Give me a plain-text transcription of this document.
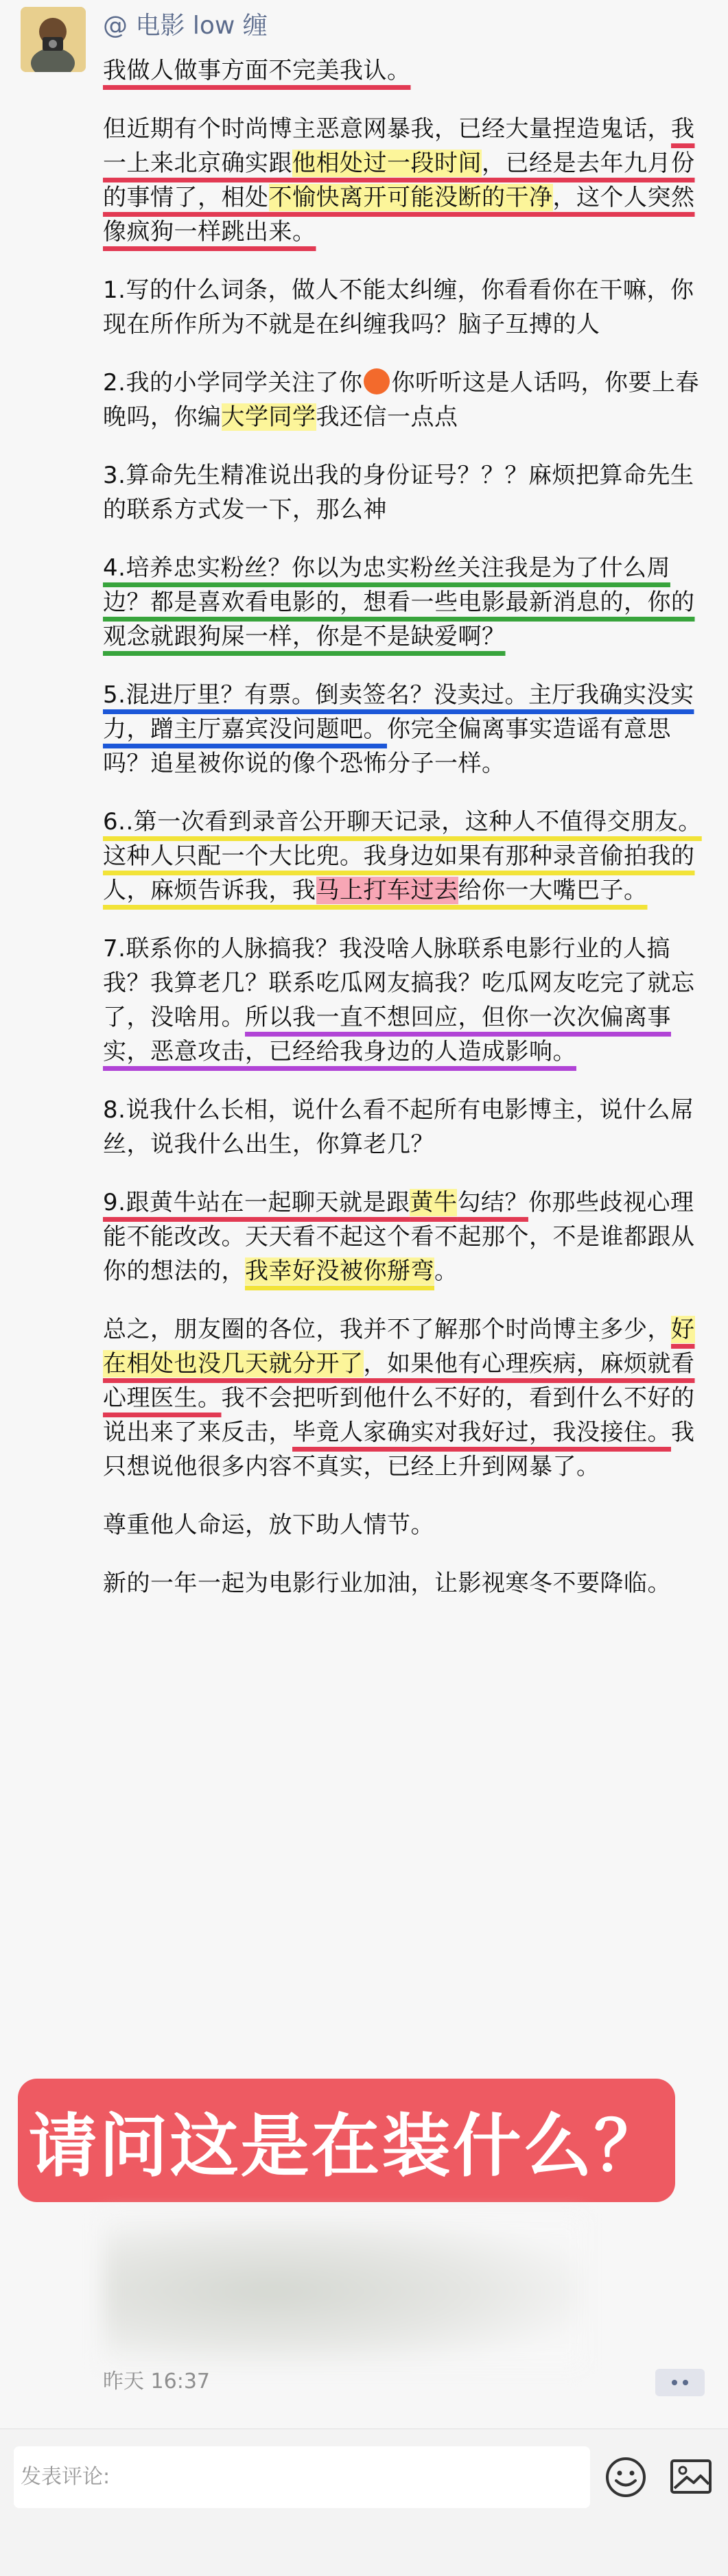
@ 电影 low 缠

我做人做事方面不完美我认。

但近期有个时尚博主恶意网暴我，已经大量捏造鬼话，我一上来北京确实跟他相处过一段时间，已经是去年九月份的事情了，相处不愉快离开可能没断的干净，这个人突然像疯狗一样跳出来。

1.写的什么词条，做人不能太纠缠，你看看你在干嘛，你现在所作所为不就是在纠缠我吗？脑子互搏的人

2.我的小学同学关注了你 你听听这是人话吗，你要上春晚吗，你编大学同学我还信一点点

3.算命先生精准说出我的身份证号？？？麻烦把算命先生的联系方式发一下，那么神

4.培养忠实粉丝？你以为忠实粉丝关注我是为了什么周边？都是喜欢看电影的，想看一些电影最新消息的，你的观念就跟狗屎一样，你是不是缺爱啊？

5.混进厅里？有票。倒卖签名？没卖过。主厅我确实没实力，蹭主厅嘉宾没问题吧。你完全偏离事实造谣有意思吗？追星被你说的像个恐怖分子一样。

6..第一次看到录音公开聊天记录，这种人不值得交朋友。这种人只配一个大比兜。我身边如果有那种录音偷拍我的人，麻烦告诉我，我马上打车过去给你一大嘴巴子。

7.联系你的人脉搞我？我没啥人脉联系电影行业的人搞我？我算老几？联系吃瓜网友搞我？吃瓜网友吃完了就忘了，没啥用。所以我一直不想回应，但你一次次偏离事实，恶意攻击，已经给我身边的人造成影响。

8.说我什么长相，说什么看不起所有电影博主，说什么屌丝，说我什么出生，你算老几？

9.跟黄牛站在一起聊天就是跟黄牛勾结？你那些歧视心理能不能改改。天天看不起这个看不起那个，不是谁都跟从你的想法的，我幸好没被你掰弯。

总之，朋友圈的各位，我并不了解那个时尚博主多少，好在相处也没几天就分开了，如果他有心理疾病，麻烦就看心理医生。我不会把听到他什么不好的，看到什么不好的说出来了来反击，毕竟人家确实对我好过，我没接住。我只想说他很多内容不真实，已经上升到网暴了。

尊重他人命运，放下助人情节。

新的一年一起为电影行业加油，让影视寒冬不要降临。

请问这是在装什么？
昨天 16:37
发表评论:
